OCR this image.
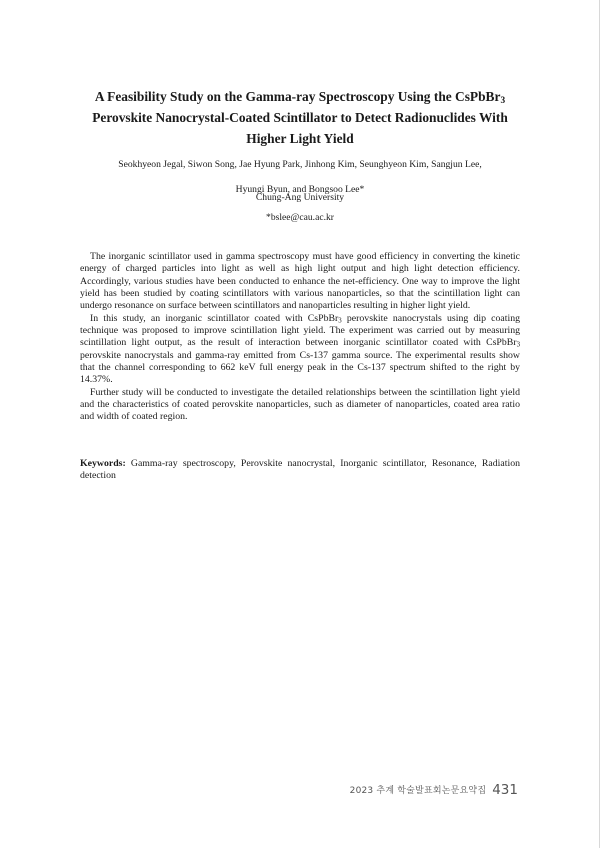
A Feasibility Study on the Gamma-ray Spectroscopy Using the CsPbBr$_3$
Perovskite Nanocrystal-Coated Scintillator to Detect Radionuclides With
Higher Light Yield
Seokhyeon Jegal, Siwon Song, Jae Hyung Park, Jinhong Kim, Seunghyeon Kim, Sangjun Lee,
Hyungi Byun, and Bongsoo Lee*
Chung-Ang University
*bslee@cau.ac.kr

The inorganic scintillator used in gamma spectroscopy must have good efficiency in converting the kinetic energy of charged particles into light as well as high light output and high light detection efficiency. Accordingly, various studies have been conducted to enhance the net-efficiency. One way to improve the light yield has been studied by coating scintillators with various nanoparticles, so that the scintillation light can undergo resonance on surface between scintillators and nanoparticles resulting in higher light yield.

In this study, an inorganic scintillator coated with CsPbBr$_3$ perovskite nanocrystals using dip coating technique was proposed to improve scintillation light yield. The experiment was carried out by measuring scintillation light output, as the result of interaction between inorganic scintillator coated with CsPbBr$_3$ perovskite nanocrystals and gamma-ray emitted from Cs-137 gamma source. The experimental results show that the channel corresponding to 662 keV full energy peak in the Cs-137 spectrum shifted to the right by 14.37%.

Further study will be conducted to investigate the detailed relationships between the scintillation light yield and the characteristics of coated perovskite nanoparticles, such as diameter of nanoparticles, coated area ratio and width of coated region.

Keywords: Gamma-ray spectroscopy, Perovskite nanocrystal, Inorganic scintillator, Resonance, Radiation detection
2023 추계 학술발표회논문요약집 431
